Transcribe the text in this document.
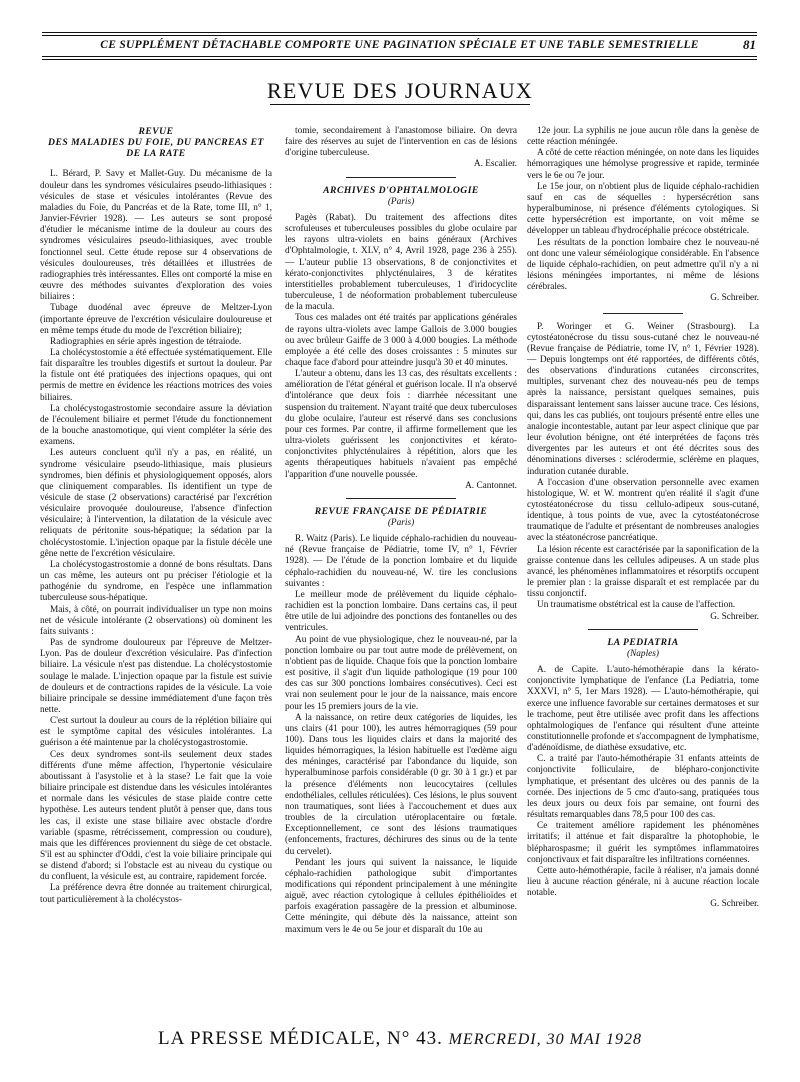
CE SUPPLÉMENT DÉTACHABLE COMPORTE UNE PAGINATION SPÉCIALE ET UNE TABLE SEMESTRIELLE	81
REVUE DES JOURNAUX

REVUE

DES MALADIES DU FOIE, DU PANCREAS ET DE LA RATE

L. Bérard, P. Savy et Mallet-Guy. Du mécanisme de la douleur dans les syndromes vésiculaires pseudo-lithiasiques : vésicules de stase et vésicules intolérantes (Revue des maladies du Foie, du Pancréas et de la Rate, tome III, n° 1, Janvier-Février 1928). — Les auteurs se sont proposé d'étudier le mécanisme intime de la douleur au cours des syndromes vésiculaires pseudo-lithiasiques, avec trouble fonctionnel seul. Cette étude repose sur 4 observations de vésicules douloureuses, très détaillées et illustrées de radiographies très intéressantes. Elles ont comporté la mise en œuvre des méthodes suivantes d'exploration des voies biliaires :

Tubage duodénal avec épreuve de Meltzer-Lyon (importante épreuve de l'excrétion vésiculaire douloureuse et en même temps étude du mode de l'excrétion biliaire);

Radiographies en série après ingestion de tétraiode.

La cholécystostomie a été effectuée systématiquement. Elle fait disparaître les troubles digestifs et surtout la douleur. Par la fistule ont été pratiquées des injections opaques, qui ont permis de mettre en évidence les réactions motrices des voies biliaires.

La cholécystogastrostomie secondaire assure la déviation de l'écoulement biliaire et permet l'étude du fonctionnement de la bouche anastomotique, qui vient compléter la série des examens.

Les auteurs concluent qu'il n'y a pas, en réalité, un syndrome vésiculaire pseudo-lithiasique, mais plusieurs syndromes, bien définis et physiologiquement opposés, alors que cliniquement comparables. Ils identifient un type de vésicule de stase (2 observations) caractérisé par l'excrétion vésiculaire provoquée douloureuse, l'absence d'infection vésiculaire; à l'intervention, la dilatation de la vésicule avec reliquats de péritonite sous-hépatique; la sédation par la cholécystostomie. L'injection opaque par la fistule décèle une gêne nette de l'excrétion vésiculaire.

La cholécystogastrostomie a donné de bons résultats. Dans un cas même, les auteurs ont pu préciser l'étiologie et la pathogénie du syndrome, en l'espèce une inflammation tuberculeuse sous-hépatique.

Mais, à côté, on pourrait individualiser un type non moins net de vésicule intolérante (2 observations) où dominent les faits suivants :

Pas de syndrome douloureux par l'épreuve de Meltzer-Lyon. Pas de douleur d'excrétion vésiculaire. Pas d'infection biliaire. La vésicule n'est pas distendue. La cholécystostomie soulage le malade. L'injection opaque par la fistule est suivie de douleurs et de contractions rapides de la vésicule. La voie biliaire principale se dessine immédiatement d'une façon très nette.

C'est surtout la douleur au cours de la réplétion biliaire qui est le symptôme capital des vésicules intolérantes. La guérison a été maintenue par la cholécystogastrostomie.

Ces deux syndromes sont-ils seulement deux stades différents d'une même affection, l'hypertonie vésiculaire aboutissant à l'asystolie et à la stase? Le fait que la voie biliaire principale est distendue dans les vésicules intolérantes et normale dans les vésicules de stase plaide contre cette hypothèse. Les auteurs tendent plutôt à penser que, dans tous les cas, il existe une stase biliaire avec obstacle d'ordre variable (spasme, rétrécissement, compression ou coudure), mais que les différences proviennent du siège de cet obstacle. S'il est au sphincter d'Oddi, c'est la voie biliaire principale qui se distend d'abord; si l'obstacle est au niveau du cystique ou du confluent, la vésicule est, au contraire, rapidement forcée.

La préférence devra être donnée au traitement chirurgical, tout particulièrement à la cholécystos-

tomie, secondairement à l'anastomose biliaire. On devra faire des réserves au sujet de l'intervention en cas de lésions d'origine tuberculeuse.

A. Escalier.

ARCHIVES D'OPHTALMOLOGIE

(Paris)

Pagès (Rabat). Du traitement des affections dites scrofuleuses et tuberculeuses possibles du globe oculaire par les rayons ultra-violets en bains généraux (Archives d'Ophtalmologie, t. XLV, n° 4, Avril 1928, page 236 à 255). — L'auteur publie 13 observations, 8 de conjonctivites et kérato-conjonctivites phlycténulaires, 3 de kératites interstitielles probablement tuberculeuses, 1 d'iridocyclite tuberculeuse, 1 de néoformation probablement tuberculeuse de la macula.

Tous ces malades ont été traités par applications générales de rayons ultra-violets avec lampe Gallois de 3.000 bougies ou avec brûleur Gaiffe de 3 000 à 4.000 bougies. La méthode employée a été celle des doses croissantes : 5 minutes sur chaque face d'abord pour atteindre jusqu'à 30 et 40 minutes.

L'auteur a obtenu, dans les 13 cas, des résultats excellents : amélioration de l'état général et guérison locale. Il n'a observé d'intolérance que deux fois : diarrhée nécessitant une suspension du traitement. N'ayant traité que deux tuberculoses du globe oculaire, l'auteur est réservé dans ses conclusions pour ces formes. Par contre, il affirme formellement que les ultra-violets guérissent les conjonctivites et kérato-conjonctivites phlycténulaires à répétition, alors que les agents thérapeutiques habituels n'avaient pas empêché l'apparition d'une nouvelle poussée.

A. Cantonnet.

REVUE FRANÇAISE DE PÉDIATRIE

(Paris)

R. Waitz (Paris). Le liquide céphalo-rachidien du nouveau-né (Revue française de Pédiatrie, tome IV, n° 1, Février 1928). — De l'étude de la ponction lombaire et du liquide céphalo-rachidien du nouveau-né, W. tire les conclusions suivantes :

Le meilleur mode de prélèvement du liquide céphalo-rachidien est la ponction lombaire. Dans certains cas, il peut être utile de lui adjoindre des ponctions des fontanelles ou des ventricules.

Au point de vue physiologique, chez le nouveau-né, par la ponction lombaire ou par tout autre mode de prélèvement, on n'obtient pas de liquide. Chaque fois que la ponction lombaire est positive, il s'agit d'un liquide pathologique (19 pour 100 des cas sur 300 ponctions lombaires consécutives). Ceci est vrai non seulement pour le jour de la naissance, mais encore pour les 15 premiers jours de la vie.

A la naissance, on retire deux catégories de liquides, les uns clairs (41 pour 100), les autres hémorragiques (59 pour 100). Dans tous les liquides clairs et dans la majorité des liquides hémorragiques, la lésion habituelle est l'œdème aigu des méninges, caractérisé par l'abondance du liquide, son hyperalbuminose parfois considérable (0 gr. 30 à 1 gr.) et par la présence d'éléments non leucocytaires (cellules endothéliales, cellules réticulées). Ces lésions, le plus souvent non traumatiques, sont liées à l'accouchement et dues aux troubles de la circulation utéroplacentaire ou fœtale. Exceptionnellement, ce sont des lésions traumatiques (enfoncements, fractures, déchirures des sinus ou de la tente du cervelet).

Pendant les jours qui suivent la naissance, le liquide céphalo-rachidien pathologique subit d'importantes modifications qui répondent principalement à une méningite aiguë, avec réaction cytologique à cellules épithélioïdes et parfois exagération passagère de la pression et albuminose. Cette méningite, qui débute dès la naissance, atteint son maximum vers le 4e ou 5e jour et disparaît du 10e au

12e jour. La syphilis ne joue aucun rôle dans la genèse de cette réaction méningée.

A côté de cette réaction méningée, on note dans les liquides hémorragiques une hémolyse progressive et rapide, terminée vers le 6e ou 7e jour.

Le 15e jour, on n'obtient plus de liquide céphalo-rachidien sauf en cas de séquelles : hypersécrétion sans hyperalbuminose, ni présence d'éléments cytologiques. Si cette hypersécrétion est importante, on voit même se développer un tableau d'hydrocéphalie précoce obstétricale.

Les résultats de la ponction lombaire chez le nouveau-né ont donc une valeur séméiologique considérable. En l'absence de liquide céphalo-rachidien, on peut admettre qu'il n'y a ni lésions méningées importantes, ni même de lésions cérébrales.

G. Schreiber.

P. Woringer et G. Weiner (Strasbourg). La cytostéatonécrose du tissu sous-cutané chez le nouveau-né (Revue française de Pédiatrie, tome IV, n° 1, Février 1928). — Depuis longtemps ont été rapportées, de différents côtés, des observations d'indurations cutanées circonscrites, multiples, survenant chez des nouveau-nés peu de temps après la naissance, persistant quelques semaines, puis disparaissant lentement sans laisser aucune trace. Ces lésions, qui, dans les cas publiés, ont toujours présenté entre elles une analogie incontestable, autant par leur aspect clinique que par leur évolution bénigne, ont été interprétées de façons très divergentes par les auteurs et ont été décrites sous des dénominations diverses : sclérodermie, sclérème en plaques, induration cutanée durable.

A l'occasion d'une observation personnelle avec examen histologique, W. et W. montrent qu'en réalité il s'agit d'une cytostéatonécrose du tissu cellulo-adipeux sous-cutané, identique, à tous points de vue, avec la cytostéatonécrose traumatique de l'adulte et présentant de nombreuses analogies avec la stéatonécrose pancréatique.

La lésion récente est caractérisée par la saponification de la graisse contenue dans les cellules adipeuses. A un stade plus avancé, les phénomènes inflammatoires et résorptifs occupent le premier plan : la graisse disparaît et est remplacée par du tissu conjonctif.

Un traumatisme obstétrical est la cause de l'affection.

G. Schreiber.

LA PEDIATRIA

(Naples)

A. de Capite. L'auto-hémothérapie dans la kérato-conjonctivite lymphatique de l'enfance (La Pediatria, tome XXXVI, n° 5, 1er Mars 1928). — L'auto-hémothérapie, qui exerce une influence favorable sur certaines dermatoses et sur le trachome, peut être utilisée avec profit dans les affections ophtalmologiques de l'enfance qui résultent d'une atteinte constitutionnelle profonde et s'accompagnent de lymphatisme, d'adénoïdisme, de diathèse exsudative, etc.

C. a traité par l'auto-hémothérapie 31 enfants atteints de conjonctivite folliculaire, de blépharo-conjonctivite lymphatique, et présentant des ulcères ou des pannis de la cornée. Des injections de 5 cmc d'auto-sang, pratiquées tous les deux jours ou deux fois par semaine, ont fourni des résultats remarquables dans 78,5 pour 100 des cas.

Ce traitement améliore rapidement les phénomènes irritatifs; il atténue et fait disparaître la photophobie, le blépharospasme; il guérit les symptômes inflammatoires conjonctivaux et fait disparaître les infiltrations cornéennes.

Cette auto-hémothérapie, facile à réaliser, n'a jamais donné lieu à aucune réaction générale, ni à aucune réaction locale notable.

G. Schreiber.

LA PRESSE MÉDICALE, N° 43. MERCREDI, 30 MAI 1928
